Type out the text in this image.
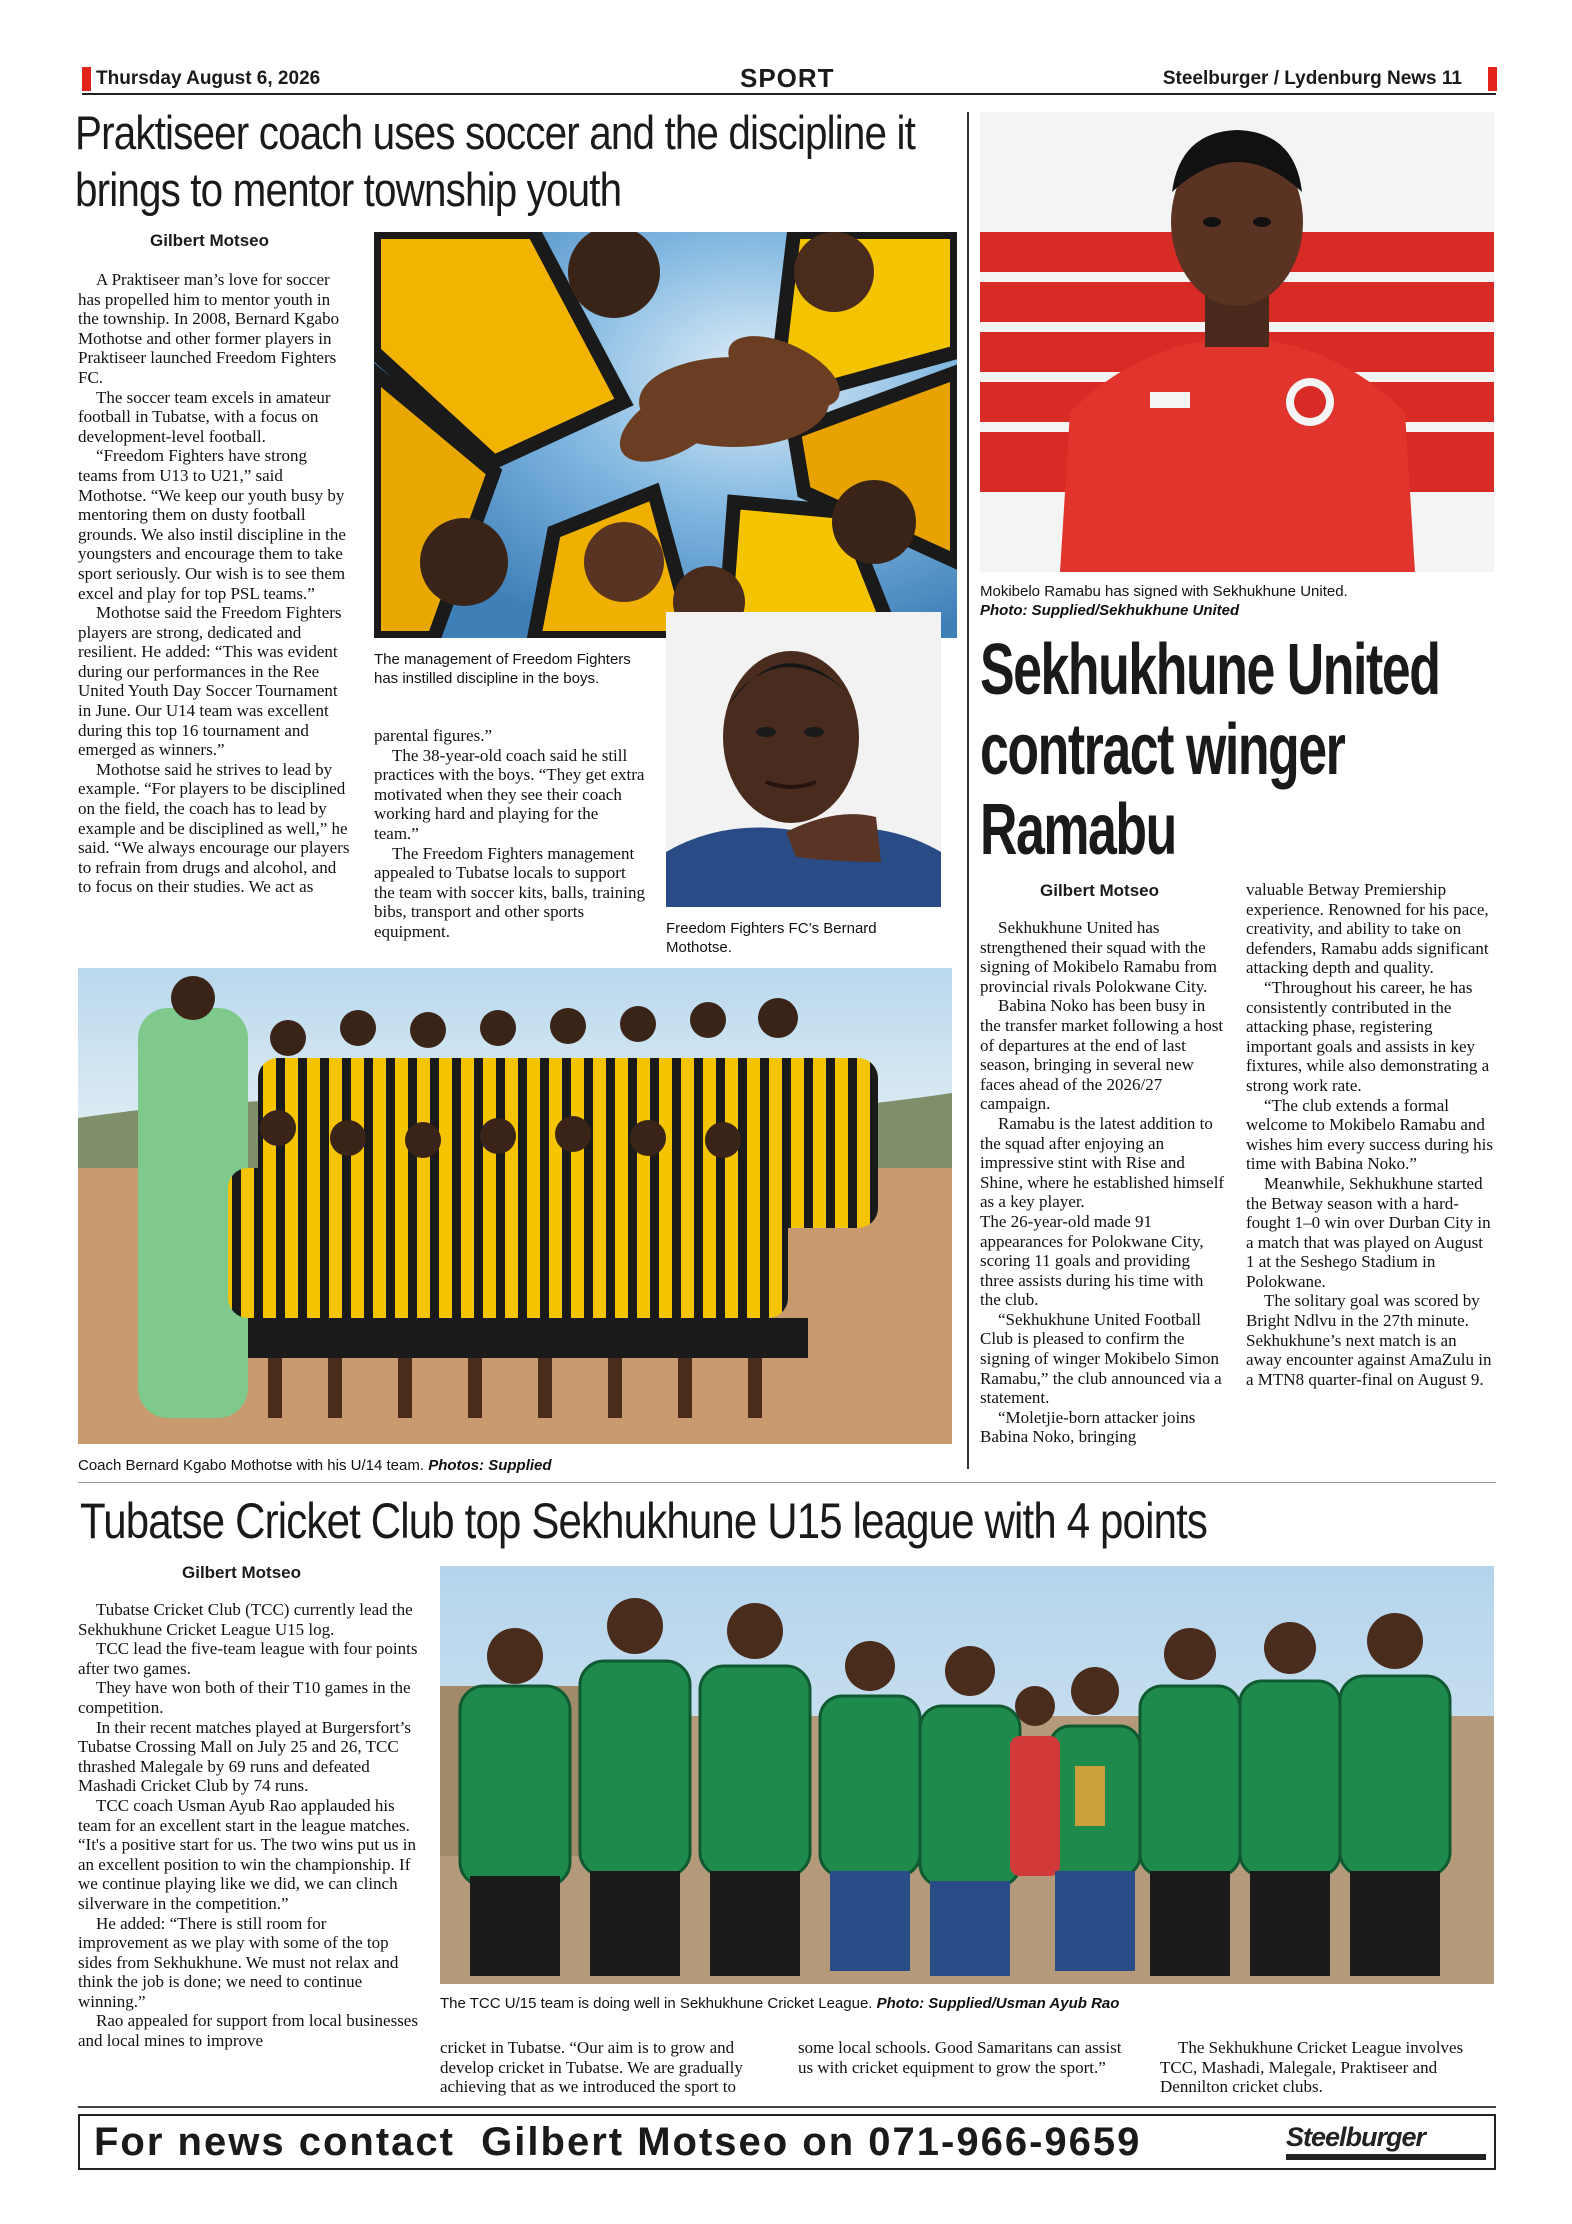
Thursday August 6, 2026	SPORT	Steelburger / Lydenburg News 11
Praktiseer coach uses soccer and the discipline it brings to mentor township youth
Gilbert Motseo

A Praktiseer man’s love for soccer has propelled him to mentor youth in the township. In 2008, Bernard Kgabo Mothotse and other former players in Praktiseer launched Freedom Fighters FC.

The soccer team excels in amateur football in Tubatse, with a focus on development-level football.

“Freedom Fighters have strong teams from U13 to U21,” said Mothotse. “We keep our youth busy by mentoring them on dusty football grounds. We also instil discipline in the youngsters and encourage them to take sport seriously. Our wish is to see them excel and play for top PSL teams.”

Mothotse said the Freedom Fighters players are strong, dedicated and resilient. He added: “This was evident during our performances in the Ree United Youth Day Soccer Tournament in June. Our U14 team was excellent during this top 16 tournament and emerged as winners.”

Mothotse said he strives to lead by example. “For players to be disciplined on the field, the coach has to lead by example and be disciplined as well,” he said. “We always encourage our players to refrain from drugs and alcohol, and to focus on their studies. We act as

The management of Freedom Fighters has instilled discipline in the boys.

parental figures.”

The 38-year-old coach said he still practices with the boys. “They get extra motivated when they see their coach working hard and playing for the team.”

The Freedom Fighters management appealed to Tubatse locals to support the team with soccer kits, balls, training bibs, transport and other sports equipment.	Freedom Fighters FC’s Bernard Mothotse.
Coach Bernard Kgabo Mothotse with his U/14 team. Photos: Supplied
Mokibelo Ramabu has signed with Sekhukhune United.
Photo: Supplied/Sekhukhune United
Sekhukhune United contract winger Ramabu
Gilbert Motseo

Sekhukhune United has strengthened their squad with the signing of Mokibelo Ramabu from provincial rivals Polokwane City.

Babina Noko has been busy in the transfer market following a host of departures at the end of last season, bringing in several new faces ahead of the 2026/27 campaign.

Ramabu is the latest addition to the squad after enjoying an impressive stint with Rise and Shine, where he established himself as a key player.

The 26-year-old made 91 appearances for Polokwane City, scoring 11 goals and providing three assists during his time with the club.

“Sekhukhune United Football Club is pleased to confirm the signing of winger Mokibelo Simon Ramabu,” the club announced via a statement.

“Moletjie-born attacker joins Babina Noko, bringing

valuable Betway Premiership experience. Renowned for his pace, creativity, and ability to take on defenders, Ramabu adds significant attacking depth and quality.

“Throughout his career, he has consistently contributed in the attacking phase, registering important goals and assists in key fixtures, while also demonstrating a strong work rate.

“The club extends a formal welcome to Mokibelo Ramabu and wishes him every success during his time with Babina Noko.”

Meanwhile, Sekhukhune started the Betway season with a hard-fought 1–0 win over Durban City in a match that was played on August 1 at the Seshego Stadium in Polokwane.

The solitary goal was scored by Bright Ndlvu in the 27th minute. Sekhukhune’s next match is an away encounter against AmaZulu in a MTN8 quarter-final on August 9.

Tubatse Cricket Club top Sekhukhune U15 league with 4 points
Gilbert Motseo

Tubatse Cricket Club (TCC) currently lead the Sekhukhune Cricket League U15 log.

TCC lead the five-team league with four points after two games.

They have won both of their T10 games in the competition.

In their recent matches played at Burgersfort’s Tubatse Crossing Mall on July 25 and 26, TCC thrashed Malegale by 69 runs and defeated Mashadi Cricket Club by 74 runs.

TCC coach Usman Ayub Rao applauded his team for an excellent start in the league matches. “It's a positive start for us. The two wins put us in an excellent position to win the championship. If we continue playing like we did, we can clinch silverware in the competition.”

He added: “There is still room for improvement as we play with some of the top sides from Sekhukhune. We must not relax and think the job is done; we need to continue winning.”

Rao appealed for support from local businesses and local mines to improve

The TCC U/15 team is doing well in Sekhukhune Cricket League. Photo: Supplied/Usman Ayub Rao

cricket in Tubatse. “Our aim is to grow and develop cricket in Tubatse. We are gradually achieving that as we introduced the sport to

some local schools. Good Samaritans can assist us with cricket equipment to grow the sport.”

The Sekhukhune Cricket League involves TCC, Mashadi, Malegale, Praktiseer and Dennilton cricket clubs.

For news contact  Gilbert Motseo on 071-966-9659	Steelburger
